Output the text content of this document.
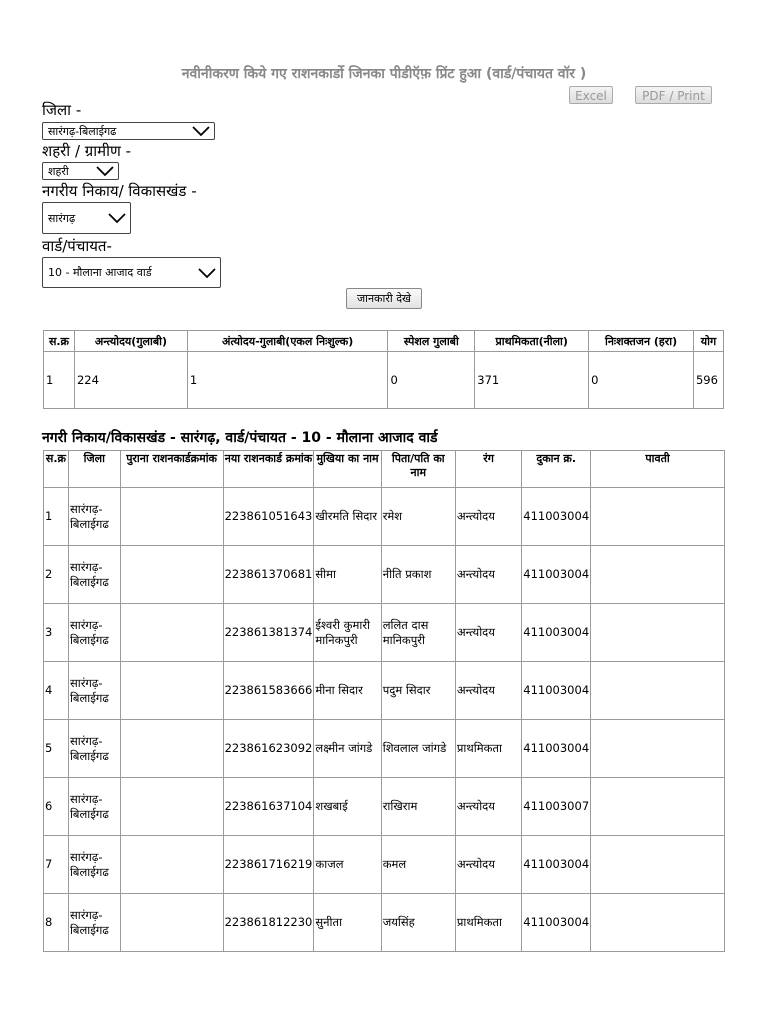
नवीनीकरण किये गए राशनकार्डो जिनका पीडीऍफ़ प्रिंट हुआ (वार्ड/पंचायत वॉर )
Excel	PDF / Print
जिला -
सारंगढ़-बिलाईगढ
शहरी / ग्रामीण -
शहरी
नगरीय निकाय/ विकासखंड -
सारंगढ़
वार्ड/पंचायत-
10 - मौलाना आजाद वार्ड
जानकारी देखे
स.क्र	अन्त्योदय(गुलाबी)	अंत्योदय-गुलाबी(एकल निःशुल्क)	स्पेशल गुलाबी	प्राथमिकता(नीला)	निःशक्तजन (हरा)	योग
1	224	1	0	371	0	596
नगरी निकाय/विकासखंड - सारंगढ़, वार्ड/पंचायत - 10 - मौलाना आजाद वार्ड
स.क्र	जिला	पुराना राशनकार्डक्रमांक	नया राशनकार्ड क्रमांक	मुखिया का नाम	पिता/पति का नाम	रंग	दुकान क्र.	पावती
1	सारंगढ़-बिलाईगढ		223861051643	खीरमति सिदार	रमेश	अन्त्योदय	411003004	
2	सारंगढ़-बिलाईगढ		223861370681	सीमा	नीति प्रकाश	अन्त्योदय	411003004	
3	सारंगढ़-बिलाईगढ		223861381374	ईश्वरी कुमारी मानिकपुरी	ललित दास मानिकपुरी	अन्त्योदय	411003004	
4	सारंगढ़-बिलाईगढ		223861583666	मीना सिदार	पदुम सिदार	अन्त्योदय	411003004	
5	सारंगढ़-बिलाईगढ		223861623092	लक्ष्मीन जांगडे	शिवलाल जांगडे	प्राथमिकता	411003004	
6	सारंगढ़-बिलाईगढ		223861637104	शखबाई	राखिराम	अन्त्योदय	411003007	
7	सारंगढ़-बिलाईगढ		223861716219	काजल	कमल	अन्त्योदय	411003004	
8	सारंगढ़-बिलाईगढ		223861812230	सुनीता	जयसिंह	प्राथमिकता	411003004	
